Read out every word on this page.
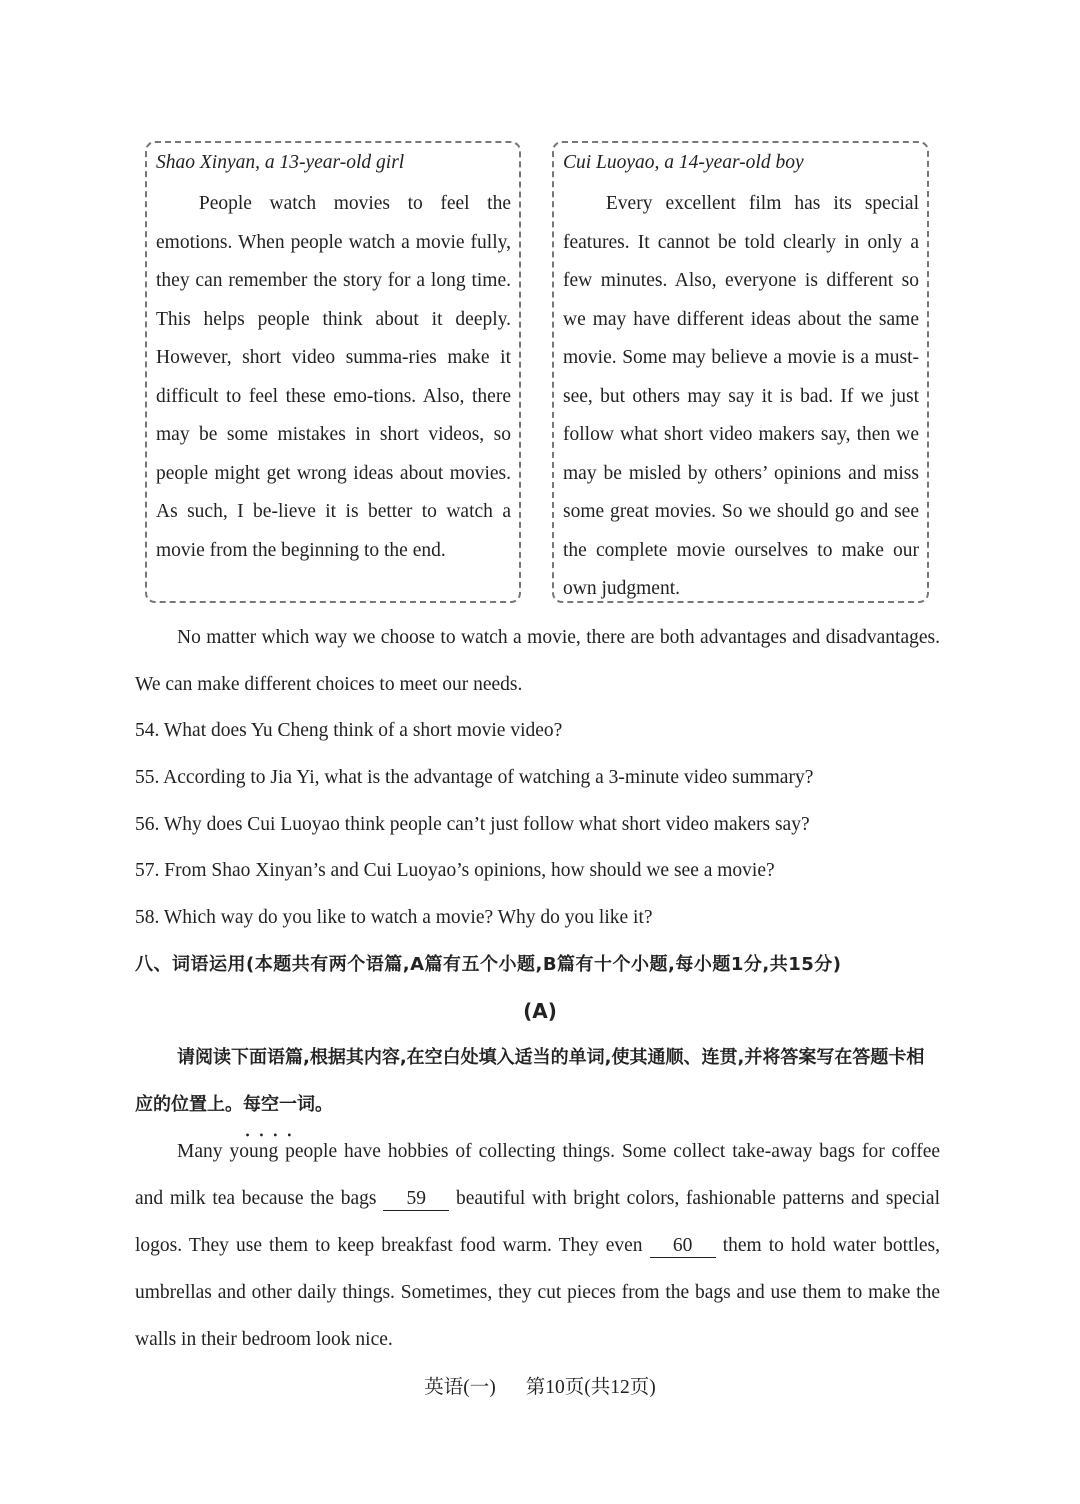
Shao Xinyan, a 13-year-old girl
People watch movies to feel the emotions. When people watch a movie fully, they can remember the story for a long time. This helps people think about it deeply. However, short video summa-ries make it difficult to feel these emo-tions. Also, there may be some mistakes in short videos, so people might get wrong ideas about movies. As such, I be-lieve it is better to watch a movie from the beginning to the end.
Cui Luoyao, a 14-year-old boy
Every excellent film has its special features. It cannot be told clearly in only a few minutes. Also, everyone is different so we may have different ideas about the same movie. Some may believe a movie is a must-see, but others may say it is bad. If we just follow what short video makers say, then we may be misled by others’ opinions and miss some great movies. So we should go and see the complete movie ourselves to make our own judgment.
No matter which way we choose to watch a movie, there are both advantages and disadvantages. We can make different choices to meet our needs.
54. What does Yu Cheng think of a short movie video?
55. According to Jia Yi, what is the advantage of watching a 3-minute video summary?
56. Why does Cui Luoyao think people can’t just follow what short video makers say?
57. From Shao Xinyan’s and Cui Luoyao’s opinions, how should we see a movie?
58. Which way do you like to watch a movie? Why do you like it?
八、词语运用(本题共有两个语篇,A篇有五个小题,B篇有十个小题,每小题1分,共15分)
(A)
请阅读下面语篇,根据其内容,在空白处填入适当的单词,使其通顺、连贯,并将答案写在答题卡相应的位置上。每空一词 • • • •。
Many young people have hobbies of collecting things. Some collect take-away bags for coffee and milk tea because the bags 59 beautiful with bright colors, fashionable patterns and special logos. They use them to keep breakfast food warm. They even 60 them to hold water bottles, umbrellas and other daily things. Sometimes, they cut pieces from the bags and use them to make the walls in their bedroom look nice.
英语(一) 第10页(共12页)
